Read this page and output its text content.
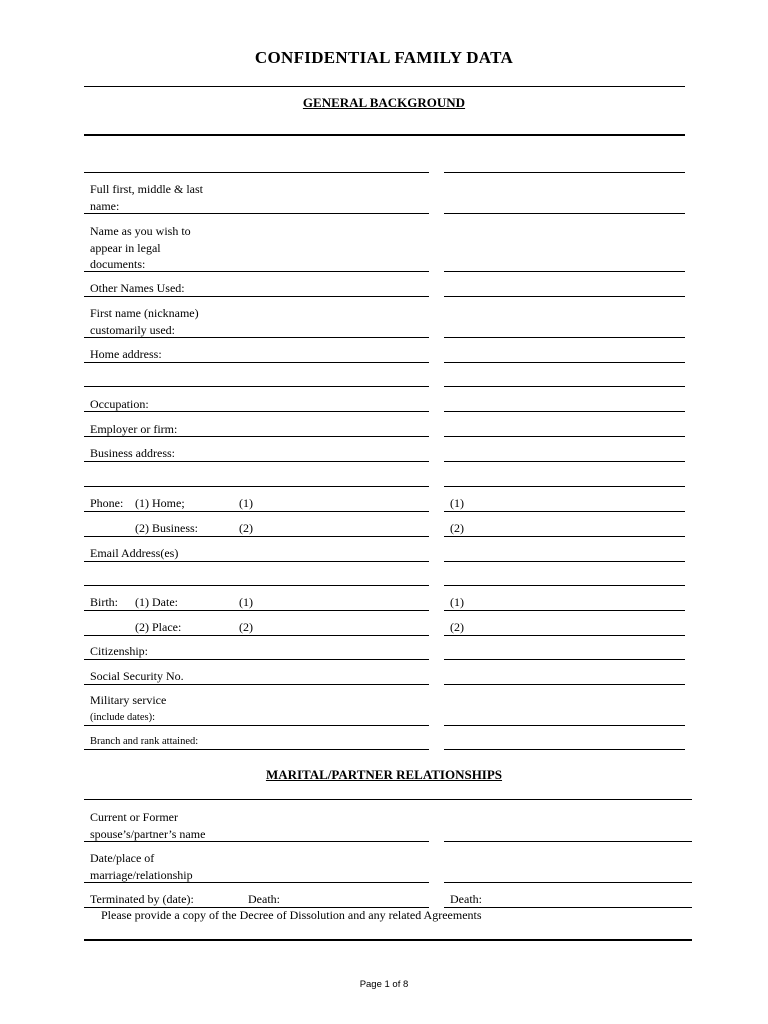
CONFIDENTIAL FAMILY DATA
GENERAL BACKGROUND
Full first, middle & last
name:
Name as you wish to
appear in legal
documents:
Other Names Used:
First name (nickname)
customarily used:
Home address:
Occupation:
Employer or firm:
Business address:
Phone: (1) Home;	(1)	(1)
(2) Business:	(2)	(2)
Email Address(es)
Birth: (1) Date:	(1)	(1)
(2) Place:	(2)	(2)
Citizenship:
Social Security No.
Military service
(include dates):
Branch and rank attained:
MARITAL/PARTNER RELATIONSHIPS
Current or Former
spouse’s/partner’s name
Date/place of
marriage/relationship
Terminated by (date):	Death:	Death:
Please provide a copy of the Decree of Dissolution and any related Agreements
Page 1 of 8
